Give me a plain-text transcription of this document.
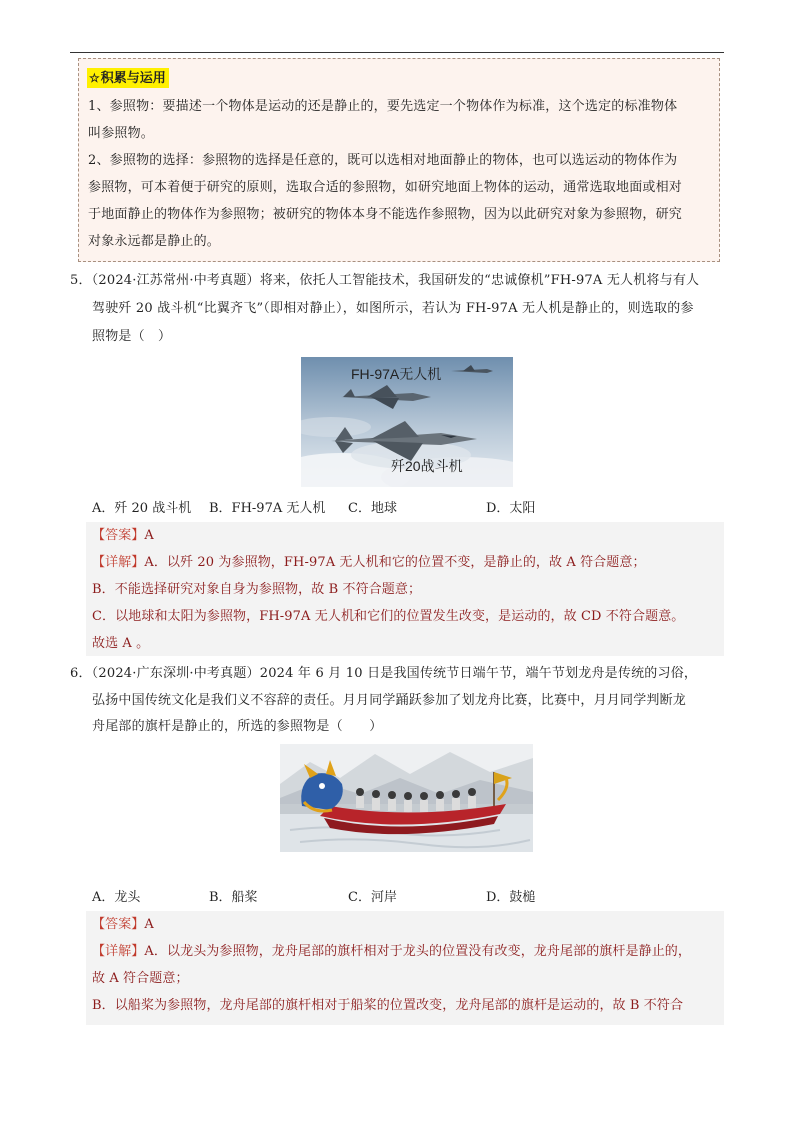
☆积累与运用
1、参照物：要描述一个物体是运动的还是静止的，要先选定一个物体作为标准，这个选定的标准物体
叫参照物。
2、参照物的选择：参照物的选择是任意的，既可以选相对地面静止的物体，也可以选运动的物体作为
参照物，可本着便于研究的原则，选取合适的参照物，如研究地面上物体的运动，通常选取地面或相对
于地面静止的物体作为参照物；被研究的物体本身不能选作参照物，因为以此研究对象为参照物，研究
对象永远都是静止的。
5．（2024·江苏常州·中考真题）将来，依托人工智能技术，我国研发的“忠诚僚机”FH-97A 无人机将与有人
驾驶歼 20 战斗机“比翼齐飞”（即相对静止），如图所示，若认为 FH-97A 无人机是静止的，则选取的参
照物是（　）
FH-97A无人机
歼20战斗机
A．歼 20 战斗机 B．FH-97A 无人机 C．地球	D．太阳
【答案】A
【详解】A．以歼 20 为参照物，FH-97A 无人机和它的位置不变，是静止的，故 A 符合题意；
B．不能选择研究对象自身为参照物，故 B 不符合题意；
C．以地球和太阳为参照物，FH-97A 无人机和它们的位置发生改变，是运动的，故 CD 不符合题意。
故选 A 。
6．（2024·广东深圳·中考真题）2024 年 6 月 10 日是我国传统节日端午节，端午节划龙舟是传统的习俗，
弘扬中国传统文化是我们义不容辞的责任。月月同学踊跃参加了划龙舟比赛，比赛中，月月同学判断龙
舟尾部的旗杆是静止的，所选的参照物是（　　）
A．龙头	B．船桨	C．河岸	D．鼓槌
【答案】A
【详解】A．以龙头为参照物，龙舟尾部的旗杆相对于龙头的位置没有改变，龙舟尾部的旗杆是静止的，
故 A 符合题意；
B．以船桨为参照物，龙舟尾部的旗杆相对于船桨的位置改变，龙舟尾部的旗杆是运动的，故 B 不符合
